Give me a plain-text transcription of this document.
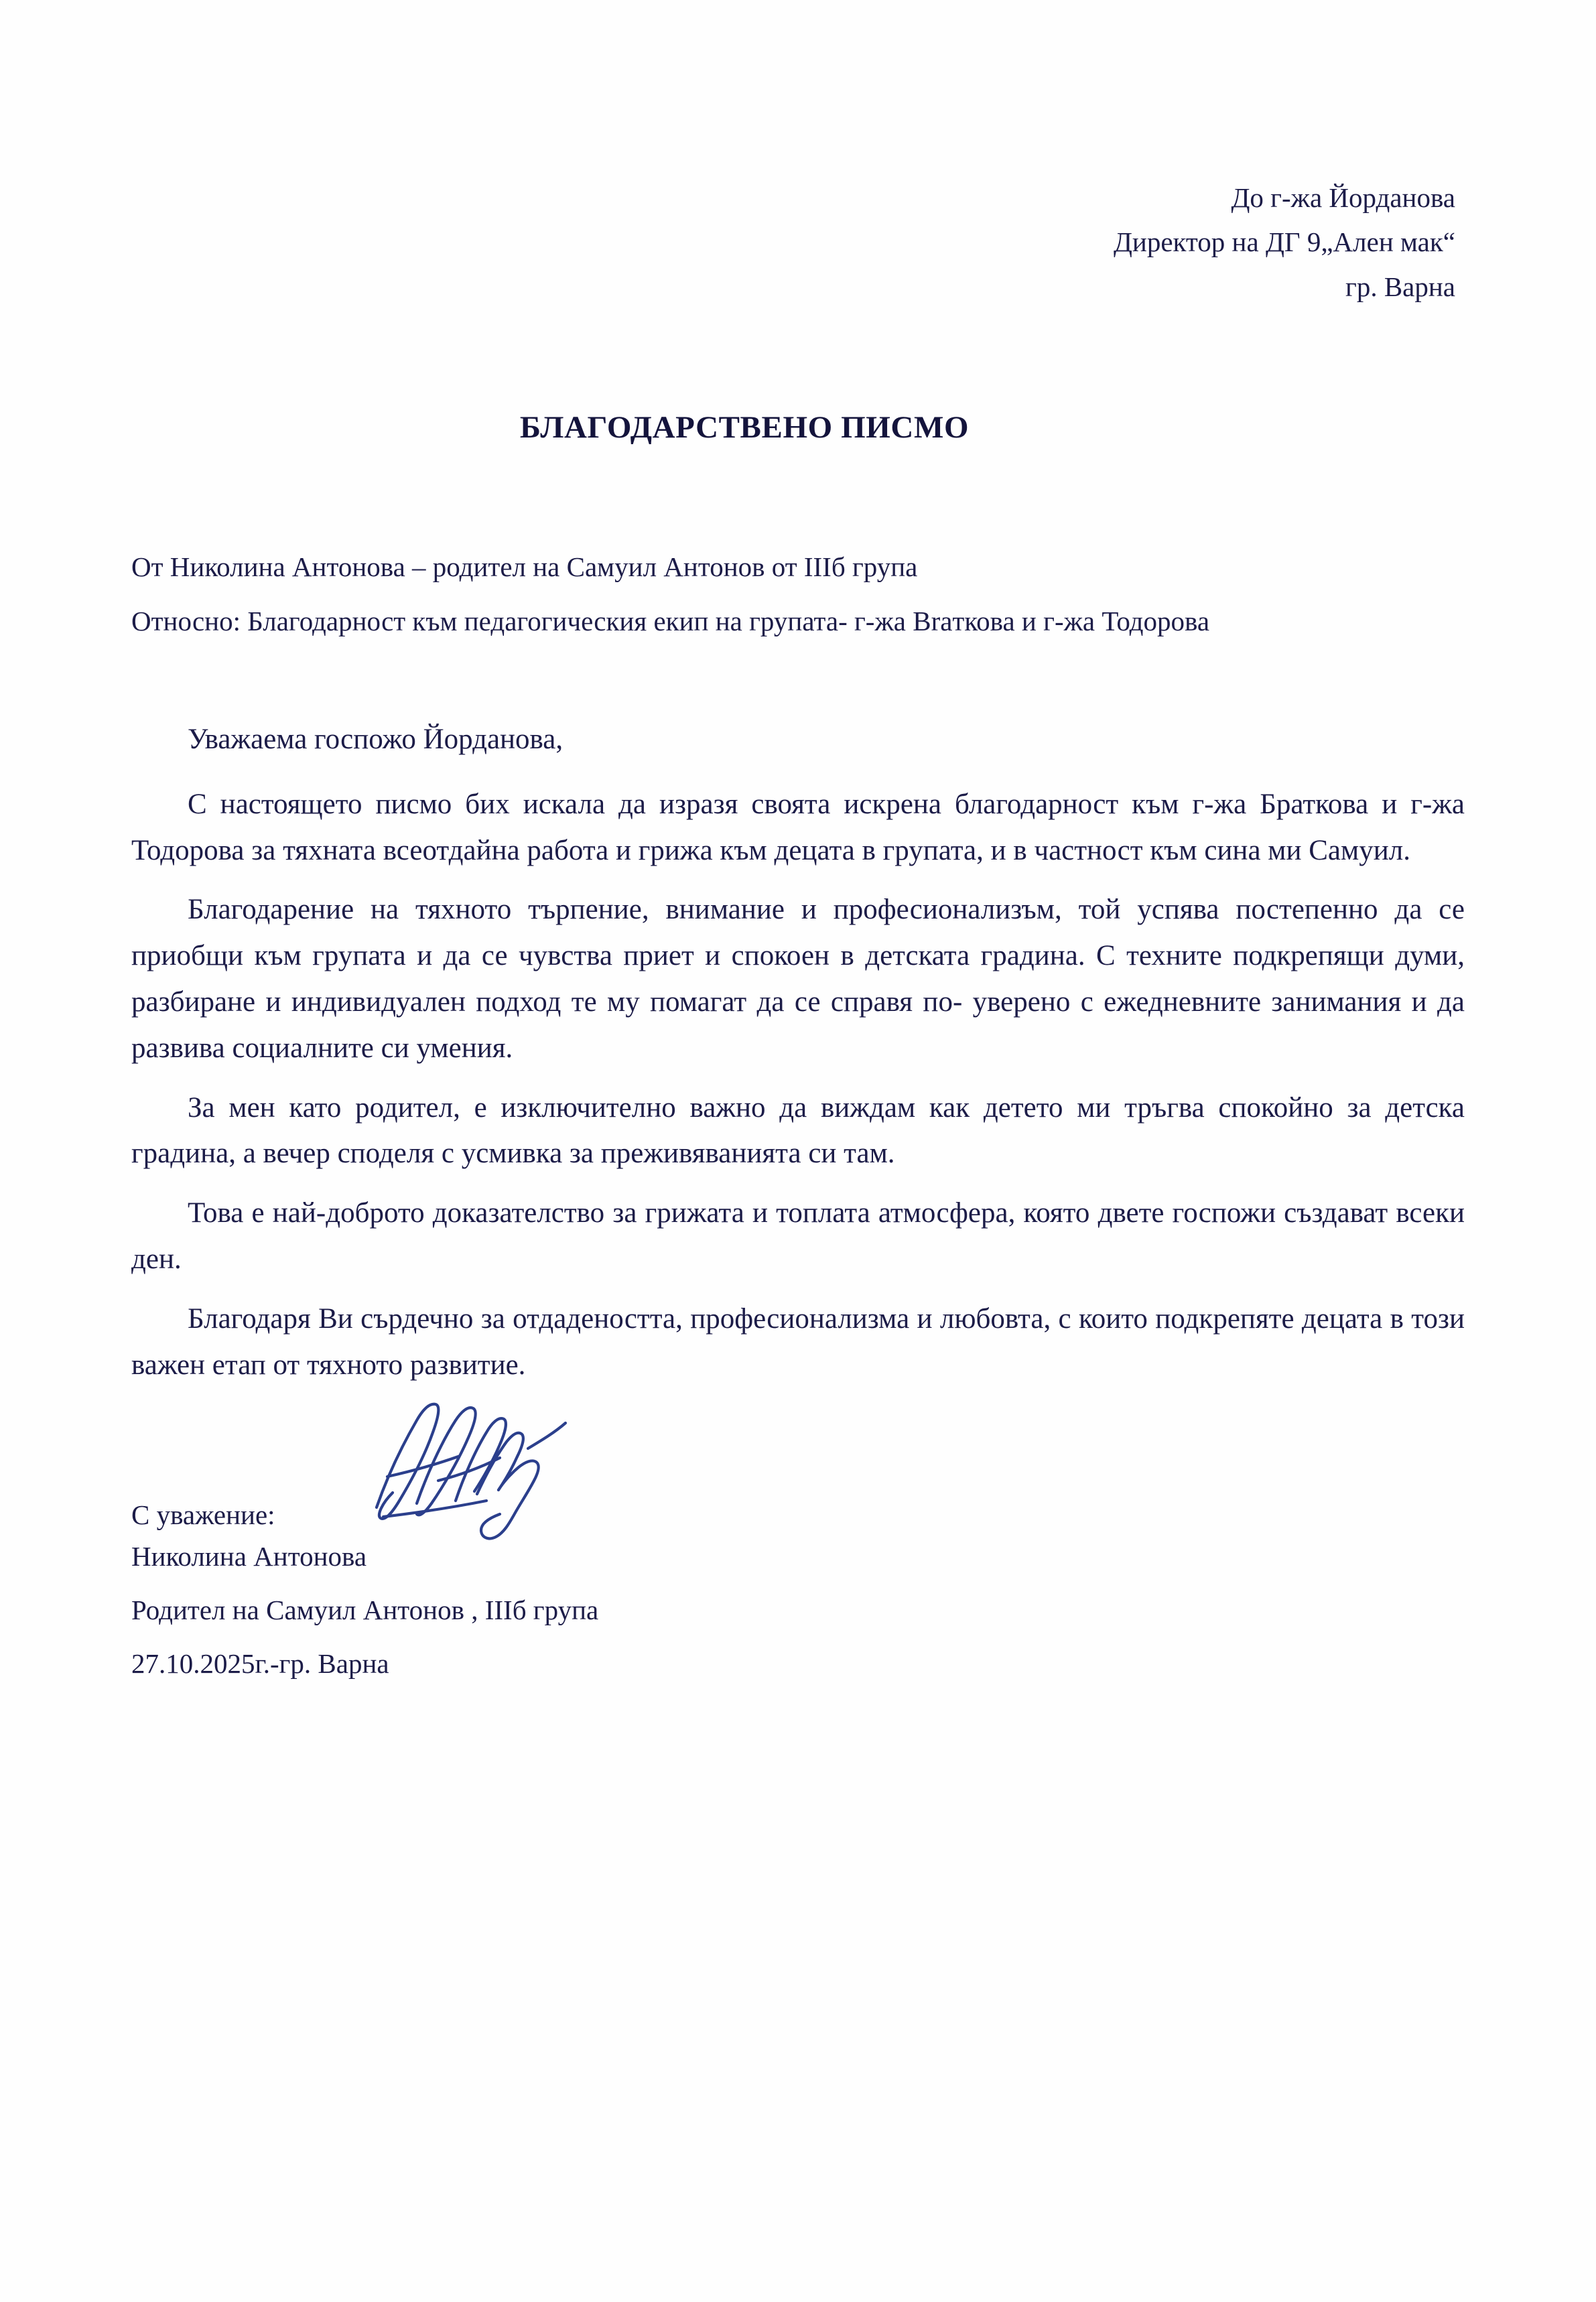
До г-жа Йорданова
Директор на ДГ 9„Ален мак“
гр. Варна
БЛАГОДАРСТВЕНО ПИСМО
От Николина Антонова – родител на Самуил Антонов от IIIб група
Относно: Благодарност към педагогическия екип на групата- г-жа Braткова и г-жа Тодорова

Уважаема госпожо Йорданова,

С настоящето писмо бих искала да изразя своята искрена благодарност към г-жа Браткова и г-жа Тодорова за тяхната всеотдайна работа и грижа към децата в групата, и в частност към сина ми Самуил.

Благодарение на тяхното търпение, внимание и професионализъм, той успява постепенно да се приобщи към групата и да се чувства приет и спокоен в детската градина. С техните подкрепящи думи, разбиране и индивидуален подход те му помагат да се справя по- уверено с ежедневните занимания и да развива социалните си умения.

За мен като родител, е изключително важно да виждам как детето ми тръгва спокойно за детска градина, а вечер споделя с усмивка за преживяванията си там.

Това е най-доброто доказателство за грижата и топлата атмосфера, която двете госпожи създават всеки ден.

Благодаря Ви сърдечно за отдадеността, професионализма и любовта, с които подкрепяте децата в този важен етап от тяхното развитие.

С уважение:
Николина Антонова
Родител на Самуил Антонов , IIIб група
27.10.2025г.-гр. Варна
